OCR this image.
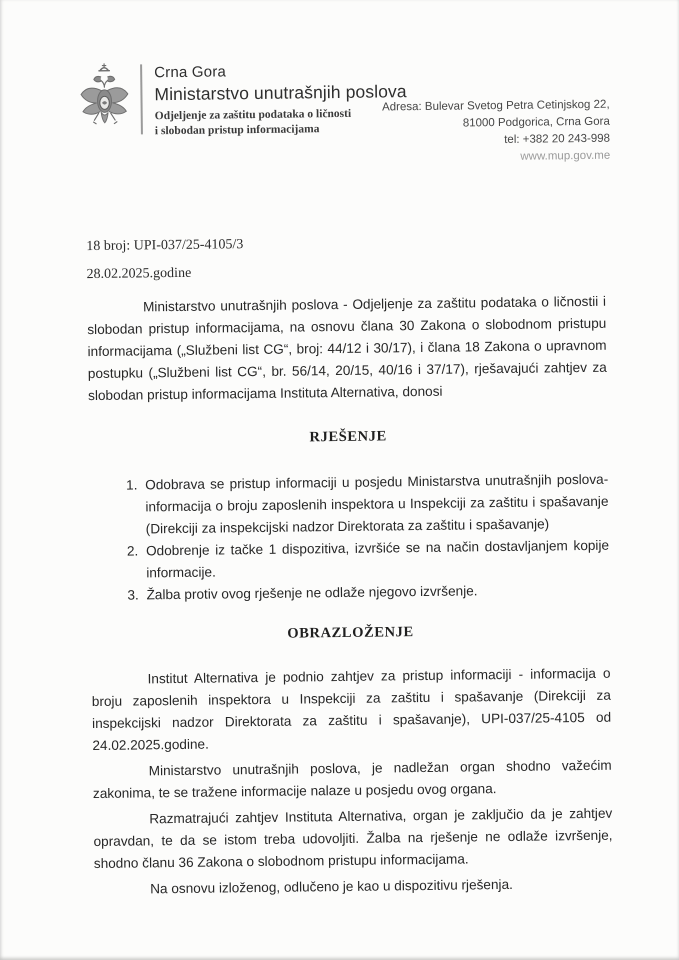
Crna Gora
Ministarstvo unutrašnjih poslova
Odjeljenje za zaštitu podataka o ličnosti
i slobodan pristup informacijama
Adresa: Bulevar Svetog Petra Cetinjskog 22,
81000 Podgorica, Crna Gora
tel: +382 20 243-998
www.mup.gov.me
18 broj: UPI-037/25-4105/3
28.02.2025.godine

Ministarstvo unutrašnjih poslova - Odjeljenje za zaštitu podataka o ličnostii i slobodan pristup informacijama, na osnovu člana 30 Zakona o slobodnom pristupu informacijama („Službeni list CG“, broj: 44/12 i 30/17), i člana 18 Zakona o upravnom postupku („Službeni list CG“, br. 56/14, 20/15, 40/16 i 37/17), rješavajući zahtjev za slobodan pristup informacijama Instituta Alternativa, donosi

RJEŠENJE
1. Odobrava se pristup informaciji u posjedu Ministarstva unutrašnjih poslova- informacija o broju zaposlenih inspektora u Inspekciji za zaštitu i spašavanje (Direkciji za inspekcijski nadzor Direktorata za zaštitu i spašavanje)
2. Odobrenje iz tačke 1 dispozitiva, izvršiće se na način dostavljanjem kopije informacije.
3. Žalba protiv ovog rješenje ne odlaže njegovo izvršenje.
OBRAZLOŽENJE

Institut Alternativa je podnio zahtjev za pristup informaciji - informacija o broju zaposlenih inspektora u Inspekciji za zaštitu i spašavanje (Direkciji za inspekcijski nadzor Direktorata za zaštitu i spašavanje), UPI-037/25-4105 od 24.02.2025.godine.

Ministarstvo unutrašnjih poslova, je nadležan organ shodno važećim zakonima, te se tražene informacije nalaze u posjedu ovog organa.

Razmatrajući zahtjev Instituta Alternativa, organ je zaključio da je zahtjev opravdan, te da se istom treba udovoljiti. Žalba na rješenje ne odlaže izvršenje, shodno članu 36 Zakona o slobodnom pristupu informacijama.

Na osnovu izloženog, odlučeno je kao u dispozitivu rješenja.
